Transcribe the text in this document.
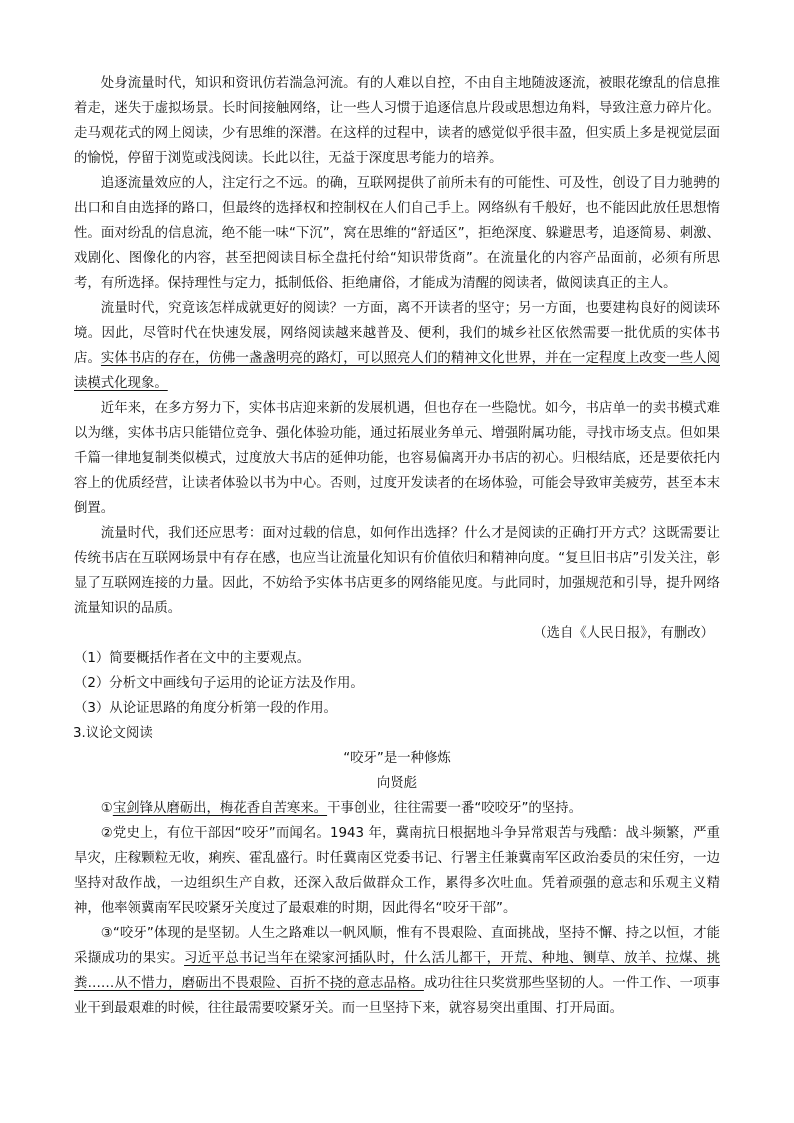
处身流量时代，知识和资讯仿若湍急河流。有的人难以自控，不由自主地随波逐流，被眼花缭乱的信息推着走，迷失于虚拟场景。长时间接触网络，让一些人习惯于追逐信息片段或思想边角料，导致注意力碎片化。走马观花式的网上阅读，少有思维的深潜。在这样的过程中，读者的感觉似乎很丰盈，但实质上多是视觉层面的愉悦，停留于浏览或浅阅读。长此以往，无益于深度思考能力的培养。

追逐流量效应的人，注定行之不远。的确，互联网提供了前所未有的可能性、可及性，创设了目力驰骋的出口和自由选择的路口，但最终的选择权和控制权在人们自己手上。网络纵有千般好，也不能因此放任思想惰性。面对纷乱的信息流，绝不能一味“下沉”，窝在思维的“舒适区”，拒绝深度、躲避思考，追逐简易、刺激、戏剧化、图像化的内容，甚至把阅读目标全盘托付给“知识带货商”。在流量化的内容产品面前，必须有所思考，有所选择。保持理性与定力，抵制低俗、拒绝庸俗，才能成为清醒的阅读者，做阅读真正的主人。

流量时代，究竟该怎样成就更好的阅读？一方面，离不开读者的坚守；另一方面，也要建构良好的阅读环境。因此，尽管时代在快速发展，网络阅读越来越普及、便利，我们的城乡社区依然需要一批优质的实体书店。实体书店的存在，仿佛一盏盏明亮的路灯，可以照亮人们的精神文化世界，并在一定程度上改变一些人阅读模式化现象。

近年来，在多方努力下，实体书店迎来新的发展机遇，但也存在一些隐忧。如今，书店单一的卖书模式难以为继，实体书店只能错位竞争、强化体验功能，通过拓展业务单元、增强附属功能，寻找市场支点。但如果千篇一律地复制类似模式，过度放大书店的延伸功能，也容易偏离开办书店的初心。归根结底，还是要依托内容上的优质经营，让读者体验以书为中心。否则，过度开发读者的在场体验，可能会导致审美疲劳，甚至本末倒置。

流量时代，我们还应思考：面对过载的信息，如何作出选择？什么才是阅读的正确打开方式？这既需要让传统书店在互联网场景中有存在感，也应当让流量化知识有价值依归和精神向度。“复旦旧书店”引发关注，彰显了互联网连接的力量。因此，不妨给予实体书店更多的网络能见度。与此同时，加强规范和引导，提升网络流量知识的品质。

（选自《人民日报》，有删改）

（1）简要概括作者在文中的主要观点。

（2）分析文中画线句子运用的论证方法及作用。

（3）从论证思路的角度分析第一段的作用。

3.议论文阅读

“咬牙”是一种修炼

向贤彪

①宝剑锋从磨砺出，梅花香自苦寒来。干事创业，往往需要一番“咬咬牙”的坚持。

②党史上，有位干部因“咬牙”而闻名。1943 年，冀南抗日根据地斗争异常艰苦与残酷：战斗频繁，严重旱灾，庄稼颗粒无收，痢疾、霍乱盛行。时任冀南区党委书记、行署主任兼冀南军区政治委员的宋任穷，一边坚持对敌作战，一边组织生产自救，还深入敌后做群众工作，累得多次吐血。凭着顽强的意志和乐观主义精神，他率领冀南军民咬紧牙关度过了最艰难的时期，因此得名“咬牙干部”。

③“咬牙”体现的是坚韧。人生之路难以一帆风顺，惟有不畏艰险、直面挑战，坚持不懈、持之以恒，才能采撷成功的果实。习近平总书记当年在梁家河插队时，什么活儿都干，开荒、种地、铡草、放羊、拉煤、挑粪……从不惜力，磨砺出不畏艰险、百折不挠的意志品格。成功往往只奖赏那些坚韧的人。一件工作、一项事业干到最艰难的时候，往往最需要咬紧牙关。而一旦坚持下来，就容易突出重围、打开局面。
